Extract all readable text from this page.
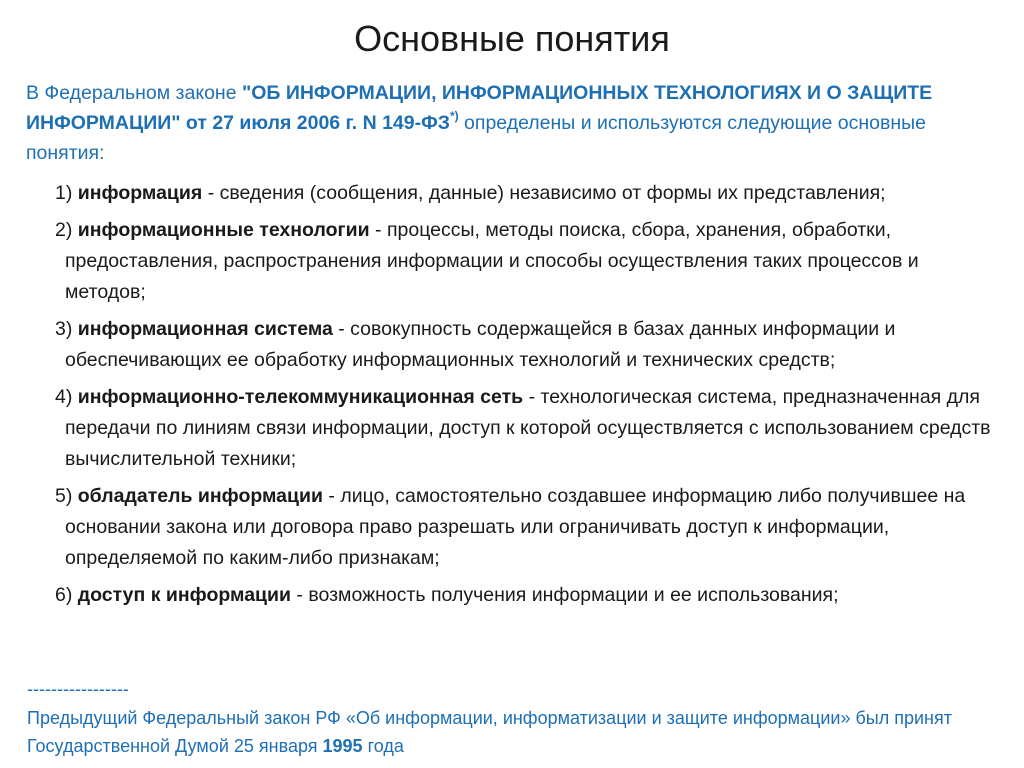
Основные понятия
В Федеральном законе "ОБ ИНФОРМАЦИИ, ИНФОРМАЦИОННЫХ ТЕХНОЛОГИЯХ И О ЗАЩИТЕ ИНФОРМАЦИИ" от 27 июля 2006 г. N 149-ФЗ*) определены и используются следующие основные понятия:
1) информация - сведения (сообщения, данные) независимо от формы их представления;
2) информационные технологии - процессы, методы поиска, сбора, хранения, обработки, предоставления, распространения информации и способы осуществления таких процессов и методов;
3) информационная система - совокупность содержащейся в базах данных информации и обеспечивающих ее обработку информационных технологий и технических средств;
4) информационно-телекоммуникационная сеть - технологическая система, предназначенная для передачи по линиям связи информации, доступ к которой осуществляется с использованием средств вычислительной техники;
5) обладатель информации - лицо, самостоятельно создавшее информацию либо получившее на основании закона или договора право разрешать или ограничивать доступ к информации, определяемой по каким-либо признакам;
6) доступ к информации - возможность получения информации и ее использования;
-----------------
Предыдущий Федеральный закон РФ «Об информации, информатизации и защите информации» был принят Государственной Думой 25 января 1995 года
